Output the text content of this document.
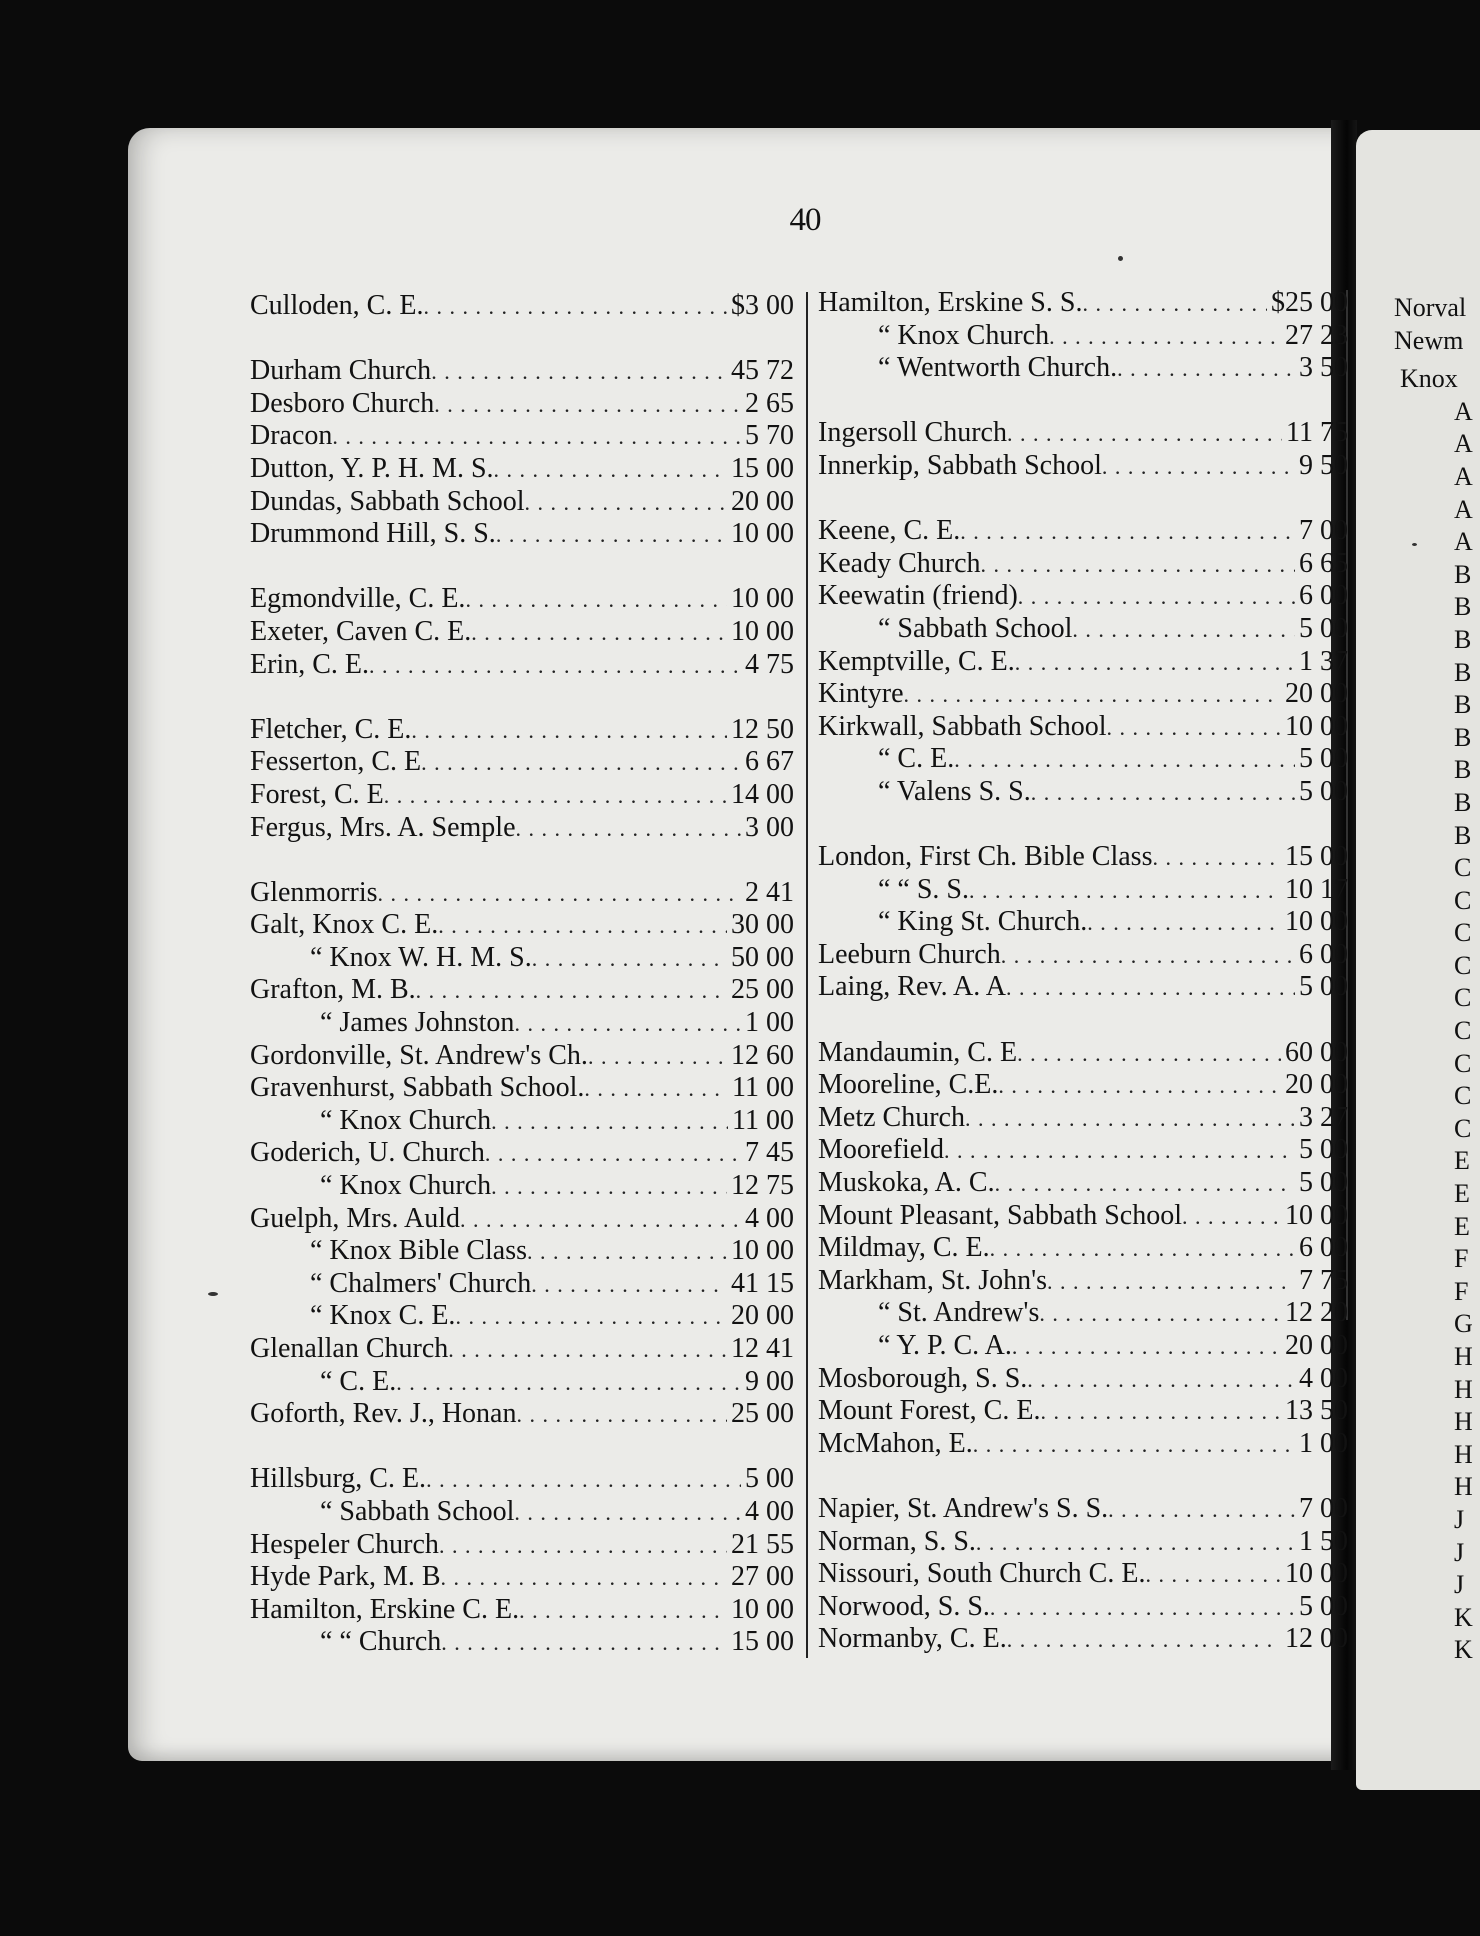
40
Culloden, C. E. . . .	$3 00
Durham Church . . .	45 72
Desboro Church . . .	2 65
Dracon . . .	5 70
Dutton, Y. P. H. M. S. . . .	15 00
Dundas, Sabbath School . . .	20 00
Drummond Hill, S. S. . . .	10 00
Egmondville, C. E. . . .	10 00
Exeter, Caven C. E. . . .	10 00
Erin, C. E. . . .	4 75
Fletcher, C. E. . . .	12 50
Fesserton, C. E . . .	6 67
Forest, C. E . . .	14 00
Fergus, Mrs. A. Semple . . .	3 00
Glenmorris . . .	2 41
Galt, Knox C. E. . . .	30 00
“ Knox W. H. M. S. . . .	50 00
Grafton, M. B. . . .	25 00
“ James Johnston . . .	1 00
Gordonville, St. Andrew's Ch. . . .	12 60
Gravenhurst, Sabbath School. . . .	11 00
“ Knox Church . . .	11 00
Goderich, U. Church . . .	7 45
“ Knox Church . . .	12 75
Guelph, Mrs. Auld . . .	4 00
“ Knox Bible Class . . .	10 00
“ Chalmers' Church . . .	41 15
“ Knox C. E. . . .	20 00
Glenallan Church . . .	12 41
“ C. E. . . .	9 00
Goforth, Rev. J., Honan . . .	25 00
Hillsburg, C. E. . . .	5 00
“ Sabbath School . . .	4 00
Hespeler Church . . .	21 55
Hyde Park, M. B . . .	27 00
Hamilton, Erskine C. E. . . .	10 00
“ “ Church . . .	15 00
Hamilton, Erskine S. S. . . .	$25 00
“ Knox Church . . .	27 23
“ Wentworth Church. . . .	3 50
Ingersoll Church . . .	11 75
Innerkip, Sabbath School . . .	9 50
Keene, C. E. . . .	7 00
Keady Church . . .	6 65
Keewatin (friend) . . .	6 00
“ Sabbath School . . .	5 00
Kemptville, C. E. . . .	1 37
Kintyre . . .	20 00
Kirkwall, Sabbath School . . .	10 00
“ C. E. . . .	5 00
“ Valens S. S. . . .	5 00
London, First Ch. Bible Class . . .	15 00
“ “ S. S. . . .	10 17
“ King St. Church. . . .	10 00
Leeburn Church . . .	6 00
Laing, Rev. A. A . . .	5 00
Mandaumin, C. E . . .	60 00
Mooreline, C.E. . . .	20 00
Metz Church . . .	3 27
Moorefield . . .	5 00
Muskoka, A. C. . . .	5 00
Mount Pleasant, Sabbath School . . .	10 00
Mildmay, C. E. . . .	6 00
Markham, St. John's . . .	7 75
“ St. Andrew's . . .	12 20
“ Y. P. C. A. . . .	20 00
Mosborough, S. S. . . .	4 00
Mount Forest, C. E. . . .	13 50
McMahon, E. . . .	1 00
Napier, St. Andrew's S. S. . . .	7 00
Norman, S. S. . . .	1 50
Nissouri, South Church C. E. . . .	10 00
Norwood, S. S. . . .	5 00
Normanby, C. E. . . .	12 00
Norval
Newm
Knox
A
A
A
A
A
B
B
B
B
B
B
B
B
B
C
C
C
C
C
C
C
C
C
E
E
E
F
F
G
H
H
H
H
H
J
J
J
K
K
